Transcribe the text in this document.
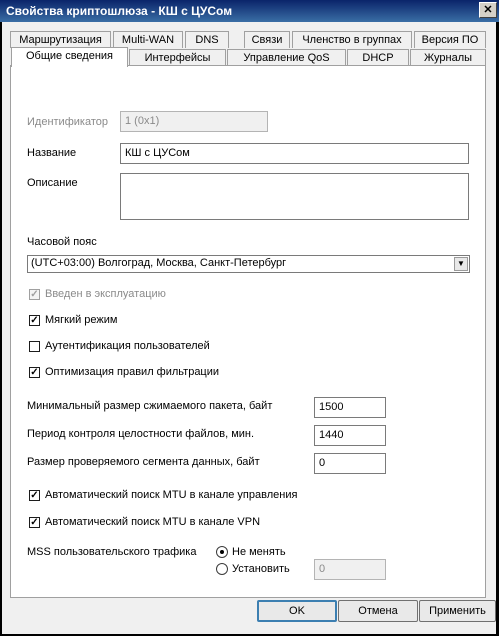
Свойства криптошлюза - КШ с ЦУСом	✕
Маршрутизация	Multi-WAN	DNS	Связи	Членство в группах	Версия ПО
Общие сведения	Интерфейсы	Управление QoS	DHCP	Журналы
Идентификатор	1 (0x1)
Название	КШ с ЦУСом
Описание
Часовой пояс
(UTC+03:00) Волгоград, Москва, Санкт-Петербург	▼
✓ Введен в эксплуатацию
✓ Мягкий режим
Аутентификация пользователей
✓ Оптимизация правил фильтрации
Минимальный размер сжимаемого пакета, байт	1500
Период контроля целостности файлов, мин.	1440
Размер проверяемого сегмента данных, байт	0
✓ Автоматический поиск MTU в канале управления
✓ Автоматический поиск MTU в канале VPN
MSS пользовательского трафика	Не менять
Установить	0
OK	Отмена	Применить
